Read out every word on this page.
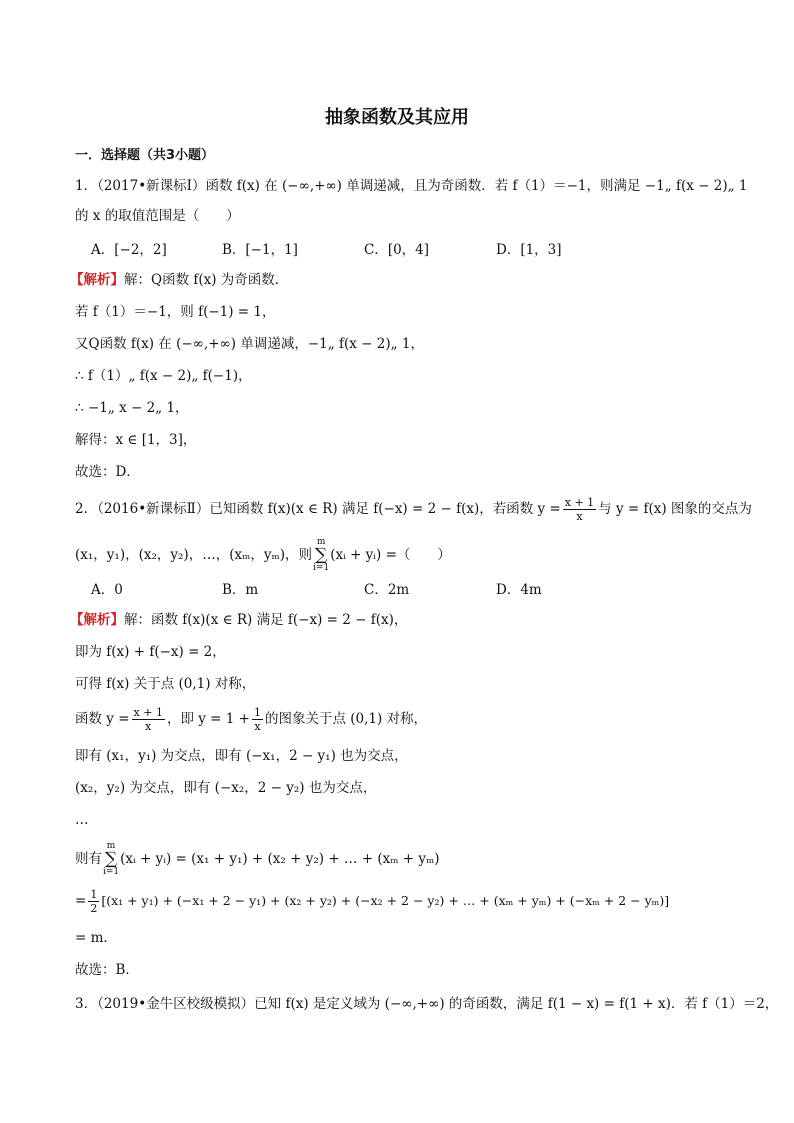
抽象函数及其应用
一．选择题（共3小题）
1．（2017•新课标Ⅰ）函数 f(x) 在 (−∞,+∞) 单调递减，且为奇函数．若 f（1）＝−1，则满足 −1„ f(x − 2)„ 1
的 x 的取值范围是（　　）
A．[−2，2]	B．[−1，1]	C．[0，4]	D．[1，3]
【解析】解：Q函数 f(x) 为奇函数．
若 f（1）＝−1，则 f(−1) = 1，
又Q函数 f(x) 在 (−∞,+∞) 单调递减，−1„ f(x − 2)„ 1，
∴ f（1）„ f(x − 2)„ f(−1)，
∴ −1„ x − 2„ 1，
解得：x ∈ [1，3]，
故选：D．
2．（2016•新课标Ⅱ）已知函数 f(x)(x ∈ R) 满足 f(−x) = 2 − f(x)，若函数 $y = \frac{x + 1}{x}$ 与 y = f(x) 图象的交点为
(x₁，y₁)，(x₂，y₂)，…，(xₘ，yₘ)，则m
∑
i=1(xᵢ + yᵢ) =（　　）
A．0	B．m	C．2m	D．4m
【解析】解：函数 f(x)(x ∈ R) 满足 f(−x) = 2 − f(x)，
即为 f(x) + f(−x) = 2，
可得 f(x) 关于点 (0,1) 对称，
函数 $y = \frac{x + 1}{x}$ ，即 $y = 1 + \frac{1}{x}$ 的图象关于点 (0,1) 对称，
即有 (x₁，y₁) 为交点，即有 (−x₁，2 − y₁) 也为交点，
(x₂，y₂) 为交点，即有 (−x₂，2 − y₂) 也为交点，
…
则有m
∑
i=1(xᵢ + yᵢ) = (x₁ + y₁) + (x₂ + y₂) + … + (xₘ + yₘ)
= $\frac{1}{2} [(x_1 + y_1) + (-x_1 + 2 - y_1) + (x_2 + y_2) + (-x_2 + 2 - y_2)$ + … + (xₘ + yₘ) + (−xₘ + 2 − yₘ)]
= m．
故选：B．
3．（2019•金牛区校级模拟）已知 f(x) 是定义域为 (−∞,+∞) 的奇函数，满足 f(1 − x) = f(1 + x)．若 f（1）＝2，
